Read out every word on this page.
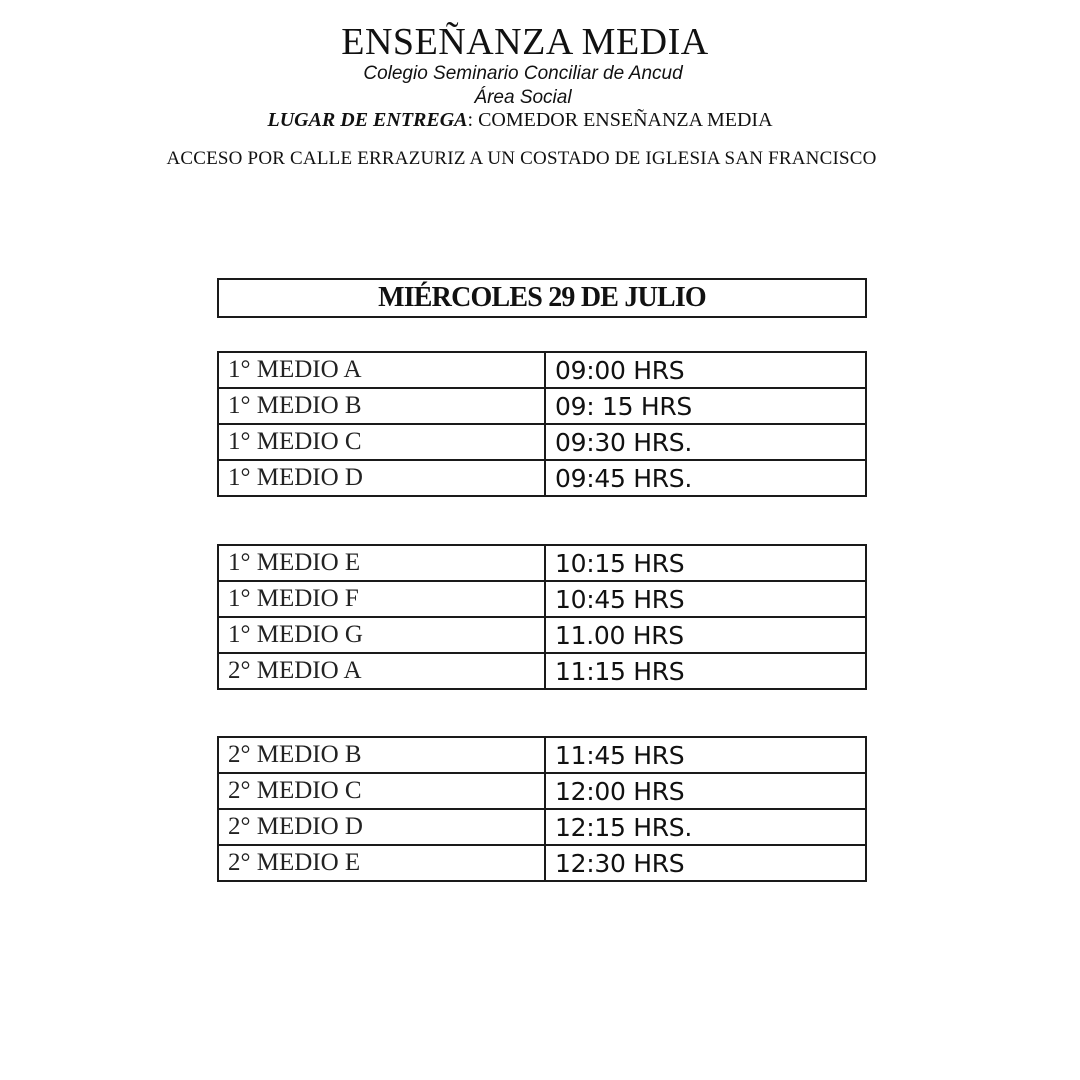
ENSEÑANZA MEDIA
Colegio Seminario Conciliar de Ancud
Área Social
LUGAR DE ENTREGA: COMEDOR ENSEÑANZA MEDIA
ACCESO POR CALLE ERRAZURIZ A UN COSTADO DE IGLESIA SAN FRANCISCO
MIÉRCOLES 29 DE JULIO
1° MEDIO A	09:00 HRS
1° MEDIO B	09: 15 HRS
1° MEDIO C	09:30 HRS.
1° MEDIO D	09:45 HRS.
1° MEDIO E	10:15 HRS
1° MEDIO F	10:45 HRS
1° MEDIO G	11.00 HRS
2° MEDIO A	11:15 HRS
2° MEDIO B	11:45 HRS
2° MEDIO C	12:00 HRS
2° MEDIO D	12:15 HRS.
2° MEDIO E	12:30 HRS
